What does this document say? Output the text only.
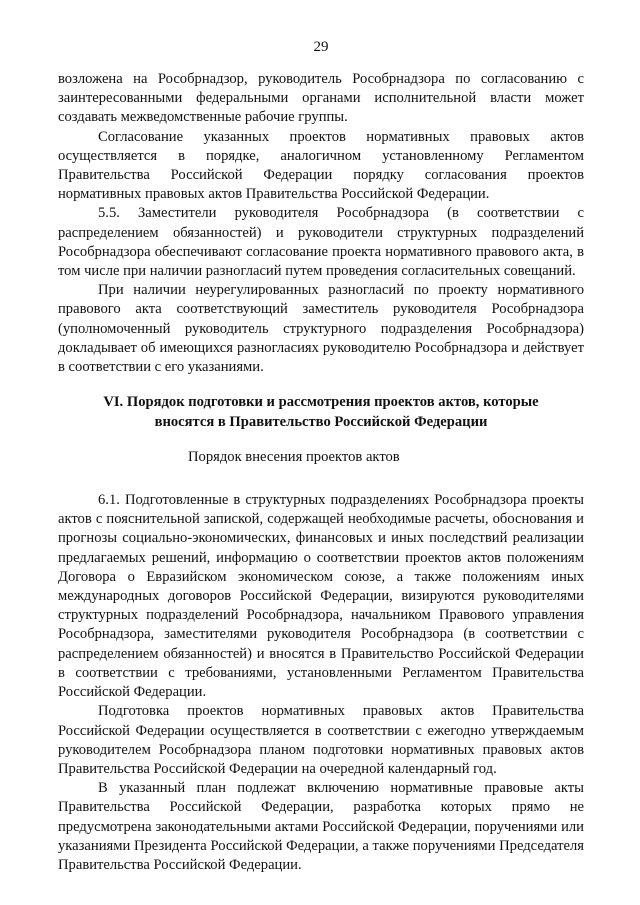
29

возложена на Рособрнадзор, руководитель Рособрнадзора по согласованию с заинтересованными федеральными органами исполнительной власти может создавать межведомственные рабочие группы.

Согласование указанных проектов нормативных правовых актов осуществляется в порядке, аналогичном установленному Регламентом Правительства Российской Федерации порядку согласования проектов нормативных правовых актов Правительства Российской Федерации.

5.5. Заместители руководителя Рособрнадзора (в соответствии с распределением обязанностей) и руководители структурных подразделений Рособрнадзора обеспечивают согласование проекта нормативного правового акта, в том числе при наличии разногласий путем проведения согласительных совещаний.

При наличии неурегулированных разногласий по проекту нормативного правового акта соответствующий заместитель руководителя Рособрнадзора (уполномоченный руководитель структурного подразделения Рособрнадзора) докладывает об имеющихся разногласиях руководителю Рособрнадзора и действует в соответствии с его указаниями.

VI. Порядок подготовки и рассмотрения проектов актов, которые
вносятся в Правительство Российской Федерации
Порядок внесения проектов актов

6.1. Подготовленные в структурных подразделениях Рособрнадзора проекты актов с пояснительной запиской, содержащей необходимые расчеты, обоснования и прогнозы социально-экономических, финансовых и иных последствий реализации предлагаемых решений, информацию о соответствии проектов актов положениям Договора о Евразийском экономическом союзе, а также положениям иных международных договоров Российской Федерации, визируются руководителями структурных подразделений Рособрнадзора, начальником Правового управления Рособрнадзора, заместителями руководителя Рособрнадзора (в соответствии с распределением обязанностей) и вносятся в Правительство Российской Федерации в соответствии с требованиями, установленными Регламентом Правительства Российской Федерации.

Подготовка проектов нормативных правовых актов Правительства Российской Федерации осуществляется в соответствии с ежегодно утверждаемым руководителем Рособрнадзора планом подготовки нормативных правовых актов Правительства Российской Федерации на очередной календарный год.

В указанный план подлежат включению нормативные правовые акты Правительства Российской Федерации, разработка которых прямо не предусмотрена законодательными актами Российской Федерации, поручениями или указаниями Президента Российской Федерации, а также поручениями Председателя Правительства Российской Федерации.
